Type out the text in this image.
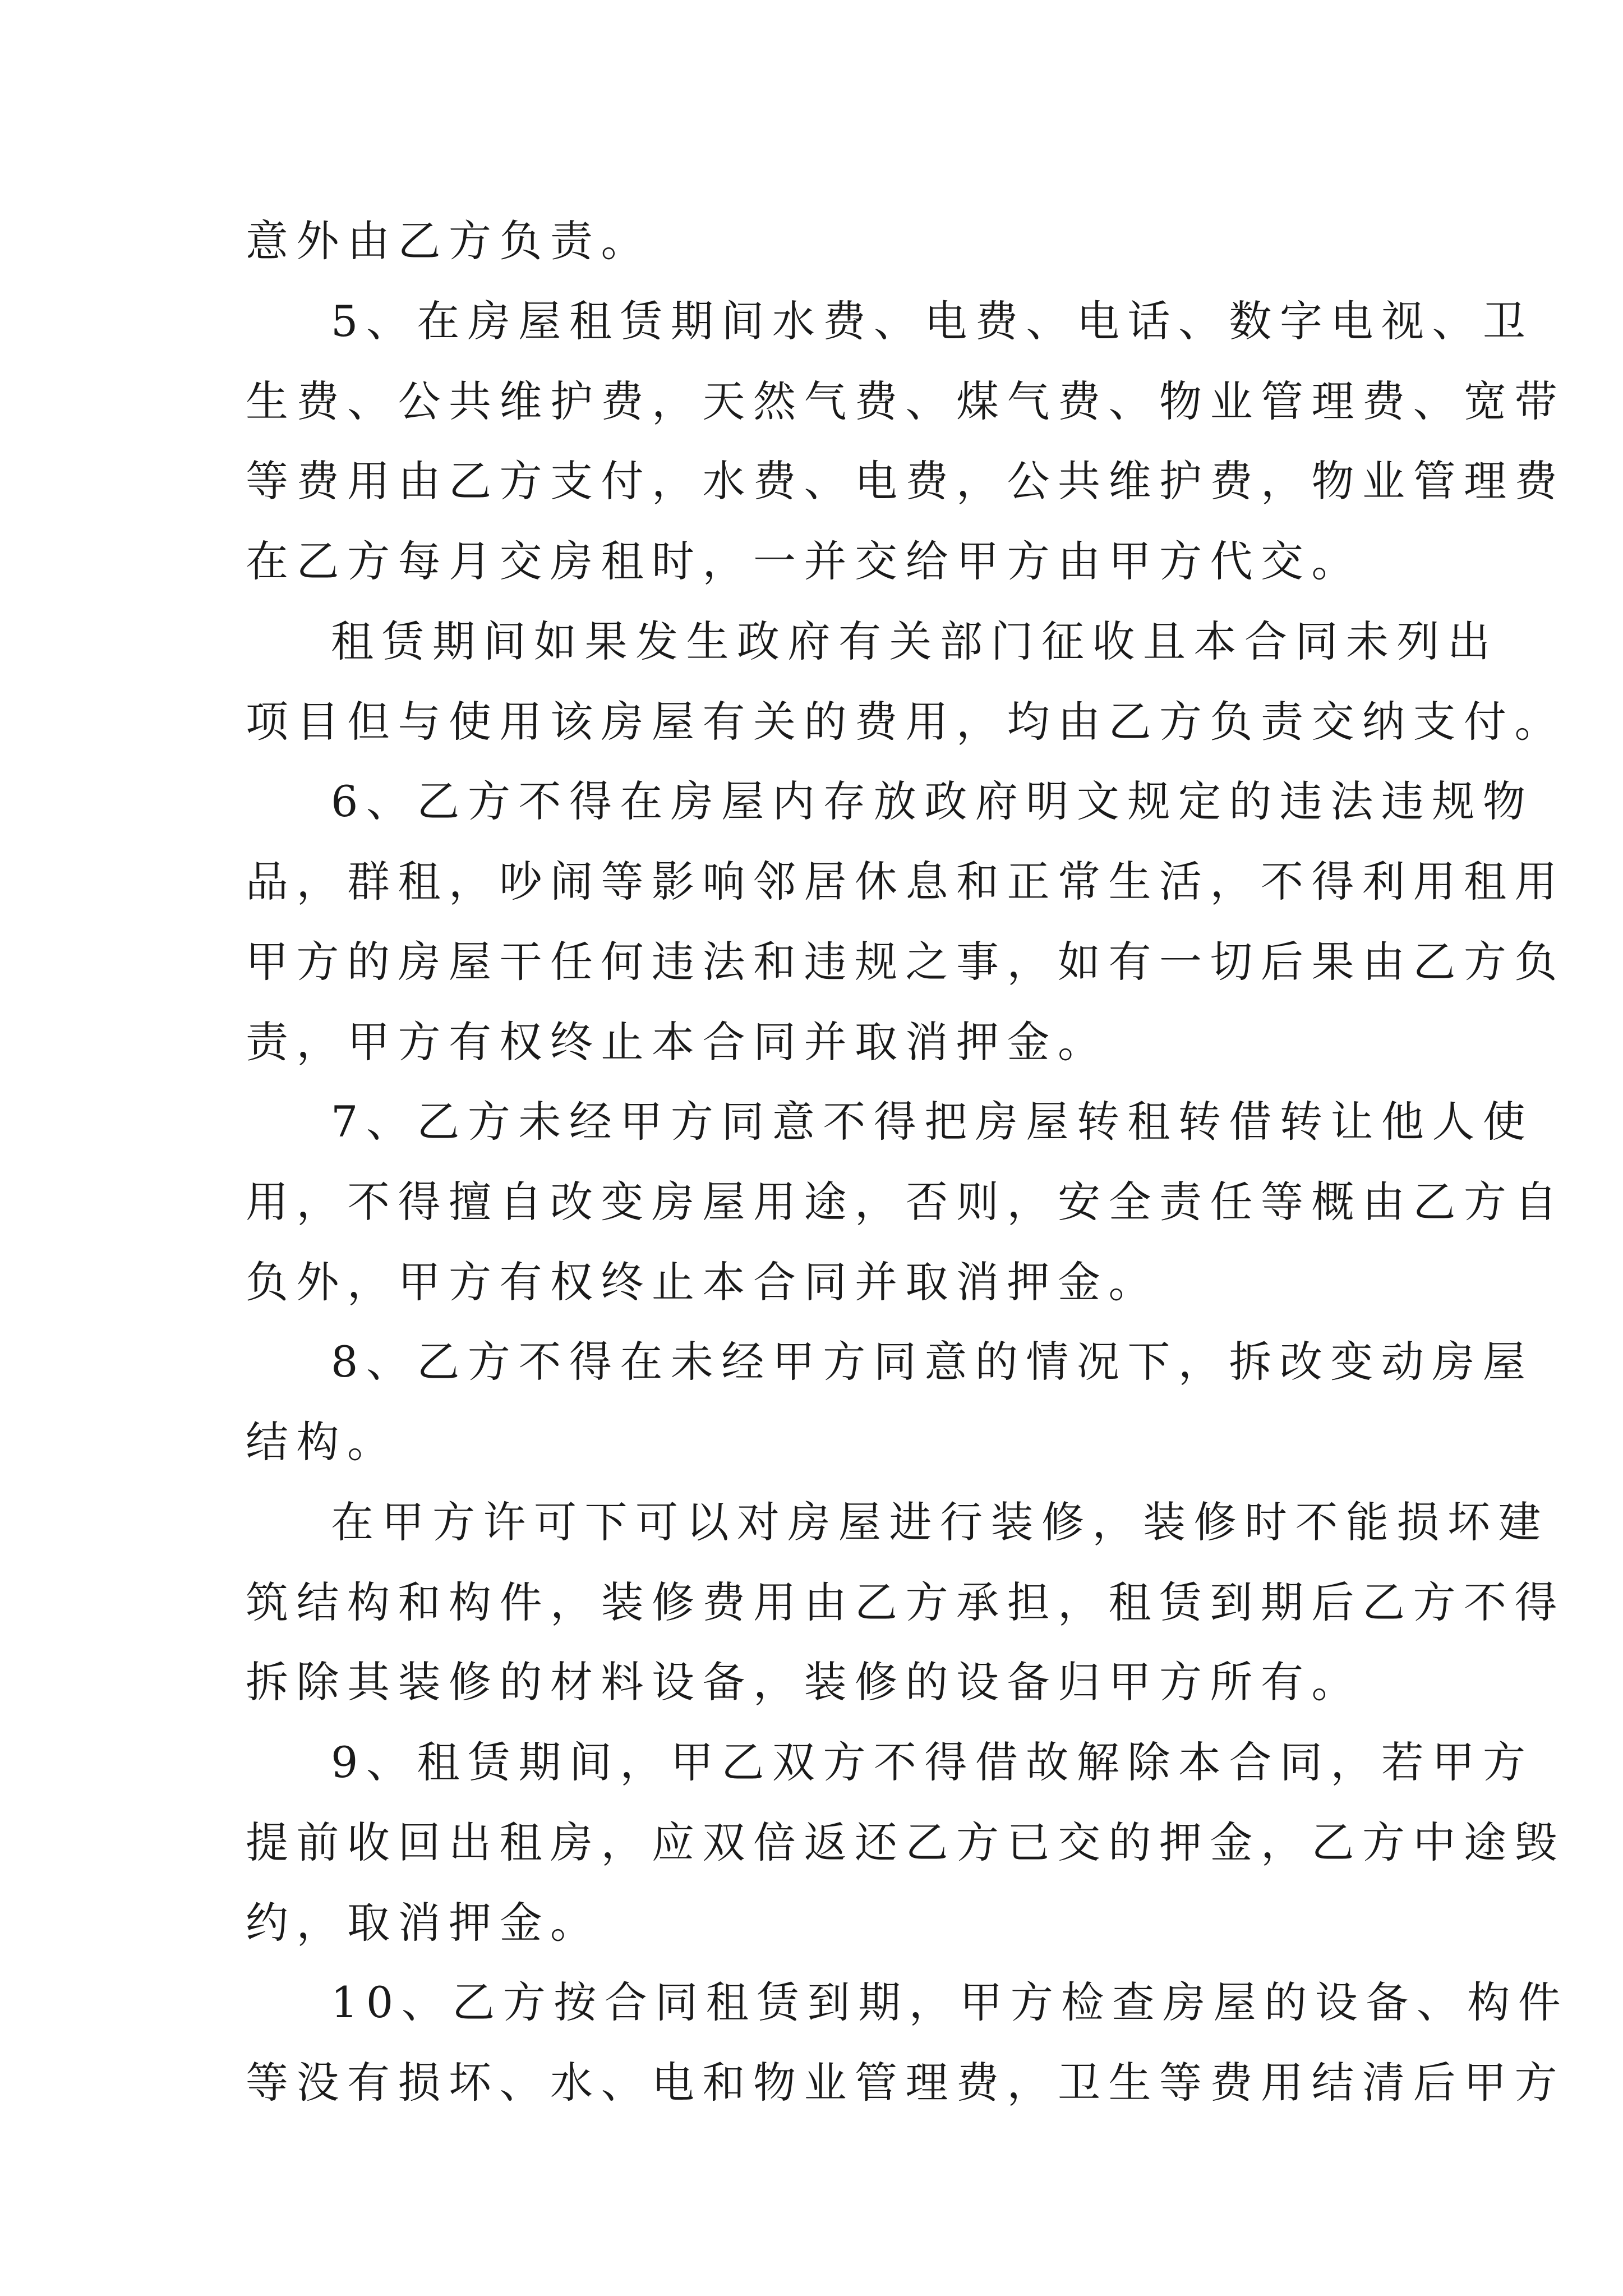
意外由乙方负责。
5、在房屋租赁期间水费、电费、电话、数字电视、卫
生费、公共维护费，天然气费、煤气费、物业管理费、宽带
等费用由乙方支付，水费、电费，公共维护费，物业管理费
在乙方每月交房租时，一并交给甲方由甲方代交。
租赁期间如果发生政府有关部门征收且本合同未列出
项目但与使用该房屋有关的费用，均由乙方负责交纳支付。
6、乙方不得在房屋内存放政府明文规定的违法违规物
品，群租，吵闹等影响邻居休息和正常生活，不得利用租用
甲方的房屋干任何违法和违规之事，如有一切后果由乙方负
责，甲方有权终止本合同并取消押金。
7、乙方未经甲方同意不得把房屋转租转借转让他人使
用，不得擅自改变房屋用途，否则，安全责任等概由乙方自
负外，甲方有权终止本合同并取消押金。
8、乙方不得在未经甲方同意的情况下，拆改变动房屋
结构。
在甲方许可下可以对房屋进行装修，装修时不能损坏建
筑结构和构件，装修费用由乙方承担，租赁到期后乙方不得
拆除其装修的材料设备，装修的设备归甲方所有。
9、租赁期间，甲乙双方不得借故解除本合同，若甲方
提前收回出租房，应双倍返还乙方已交的押金，乙方中途毁
约，取消押金。
10、乙方按合同租赁到期，甲方检查房屋的设备、构件
等没有损坏、水、电和物业管理费，卫生等费用结清后甲方
